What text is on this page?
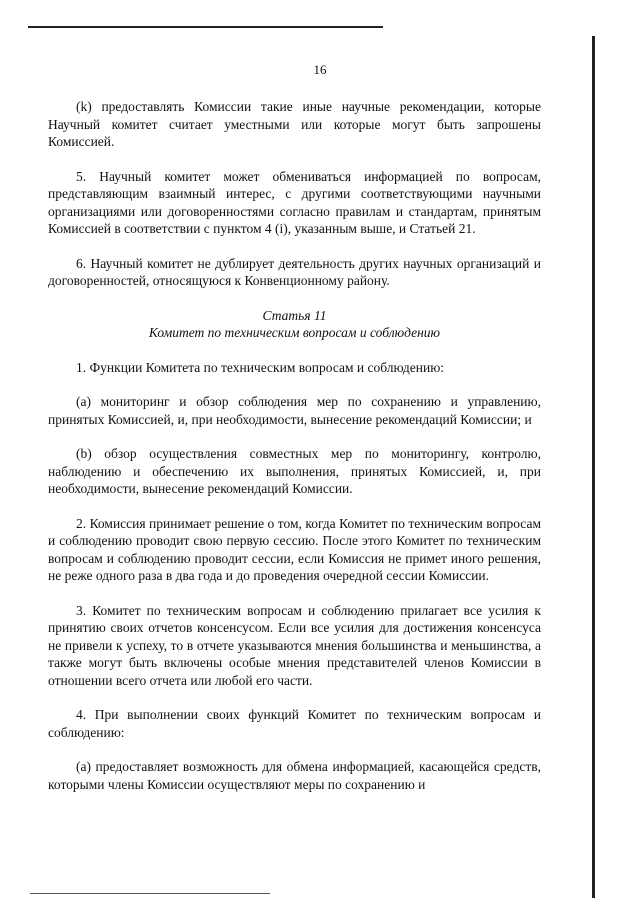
16

(k) предоставлять Комиссии такие иные научные рекомендации, которые Научный комитет считает уместными или которые могут быть запрошены Комиссией.

5. Научный комитет может обмениваться информацией по вопросам, представляющим взаимный интерес, с другими соответствующими научными организациями или договоренностями согласно правилам и стандартам, принятым Комиссией в соответствии с пунктом 4 (i), указанным выше, и Статьей 21.

6. Научный комитет не дублирует деятельность других научных организаций и договоренностей, относящуюся к Конвенционному району.

Статья 11

Комитет по техническим вопросам и соблюдению

1. Функции Комитета по техническим вопросам и соблюдению:

(a) мониторинг и обзор соблюдения мер по сохранению и управлению, принятых Комиссией, и, при необходимости, вынесение рекомендаций Комиссии; и

(b) обзор осуществления совместных мер по мониторингу, контролю, наблюдению и обеспечению их выполнения, принятых Комиссией, и, при необходимости, вынесение рекомендаций Комиссии.

2. Комиссия принимает решение о том, когда Комитет по техническим вопросам и соблюдению проводит свою первую сессию. После этого Комитет по техническим вопросам и соблюдению проводит сессии, если Комиссия не примет иного решения, не реже одного раза в два года и до проведения очередной сессии Комиссии.

3. Комитет по техническим вопросам и соблюдению прилагает все усилия к принятию своих отчетов консенсусом. Если все усилия для достижения консенсуса не привели к успеху, то в отчете указываются мнения большинства и меньшинства, а также могут быть включены особые мнения представителей членов Комиссии в отношении всего отчета или любой его части.

4. При выполнении своих функций Комитет по техническим вопросам и соблюдению:

(a) предоставляет возможность для обмена информацией, касающейся средств, которыми члены Комиссии осуществляют меры по сохранению и
